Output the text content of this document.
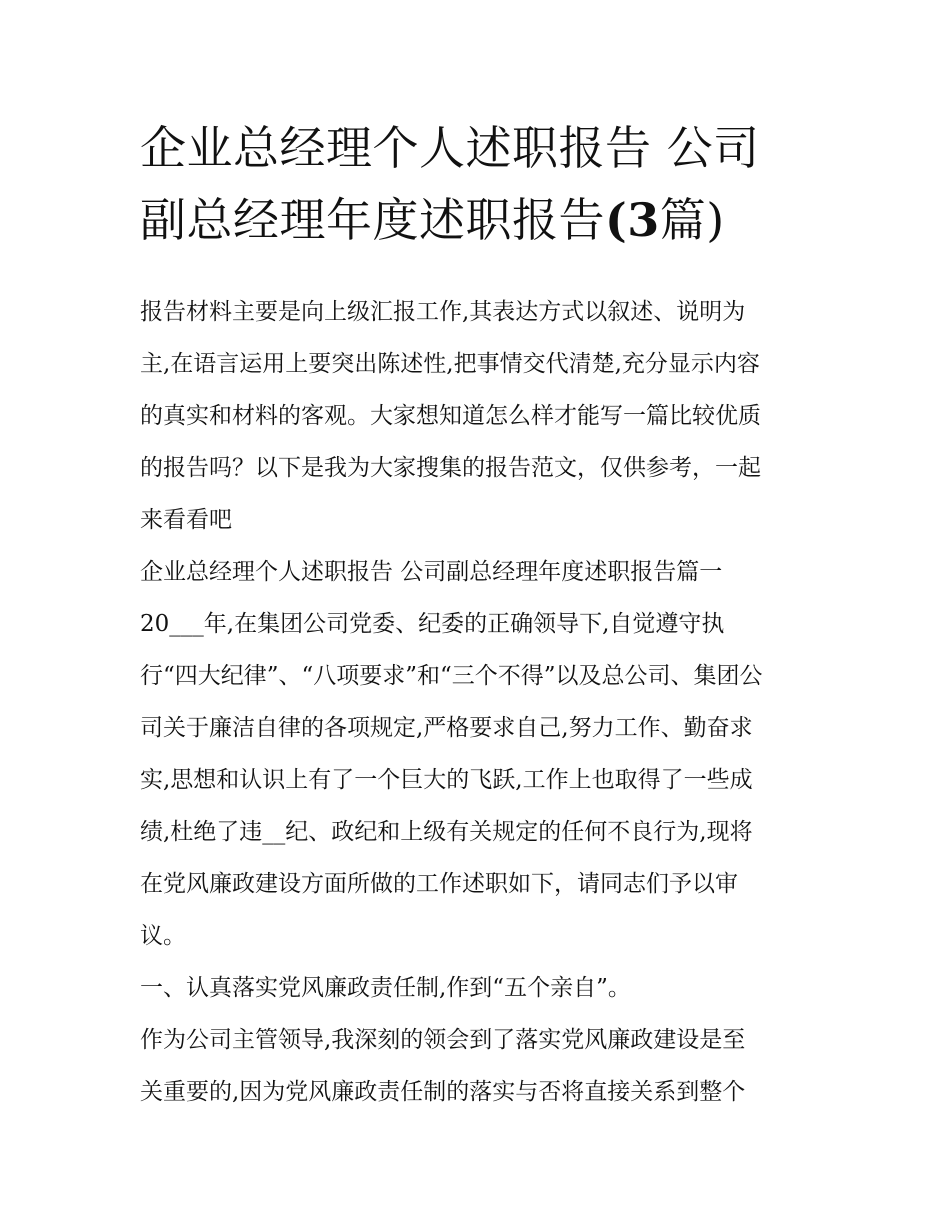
企业总经理个人述职报告 公司
副总经理年度述职报告(3篇)

报告材料主要是向上级汇报工作,其表达方式以叙述、说明为
主,在语言运用上要突出陈述性,把事情交代清楚,充分显示内容
的真实和材料的客观。大家想知道怎么样才能写一篇比较优质
的报告吗？以下是我为大家搜集的报告范文，仅供参考，一起
来看看吧

企业总经理个人述职报告 公司副总经理年度述职报告篇一

20___年,在集团公司党委、纪委的正确领导下,自觉遵守执
行“四大纪律”、“八项要求”和“三个不得”以及总公司、集团公
司关于廉洁自律的各项规定,严格要求自己,努力工作、勤奋求
实,思想和认识上有了一个巨大的飞跃,工作上也取得了一些成
绩,杜绝了违__纪、政纪和上级有关规定的任何不良行为,现将
在党风廉政建设方面所做的工作述职如下，请同志们予以审
议。

一、认真落实党风廉政责任制,作到“五个亲自”。

作为公司主管领导,我深刻的领会到了落实党风廉政建设是至
关重要的,因为党风廉政责任制的落实与否将直接关系到整个
